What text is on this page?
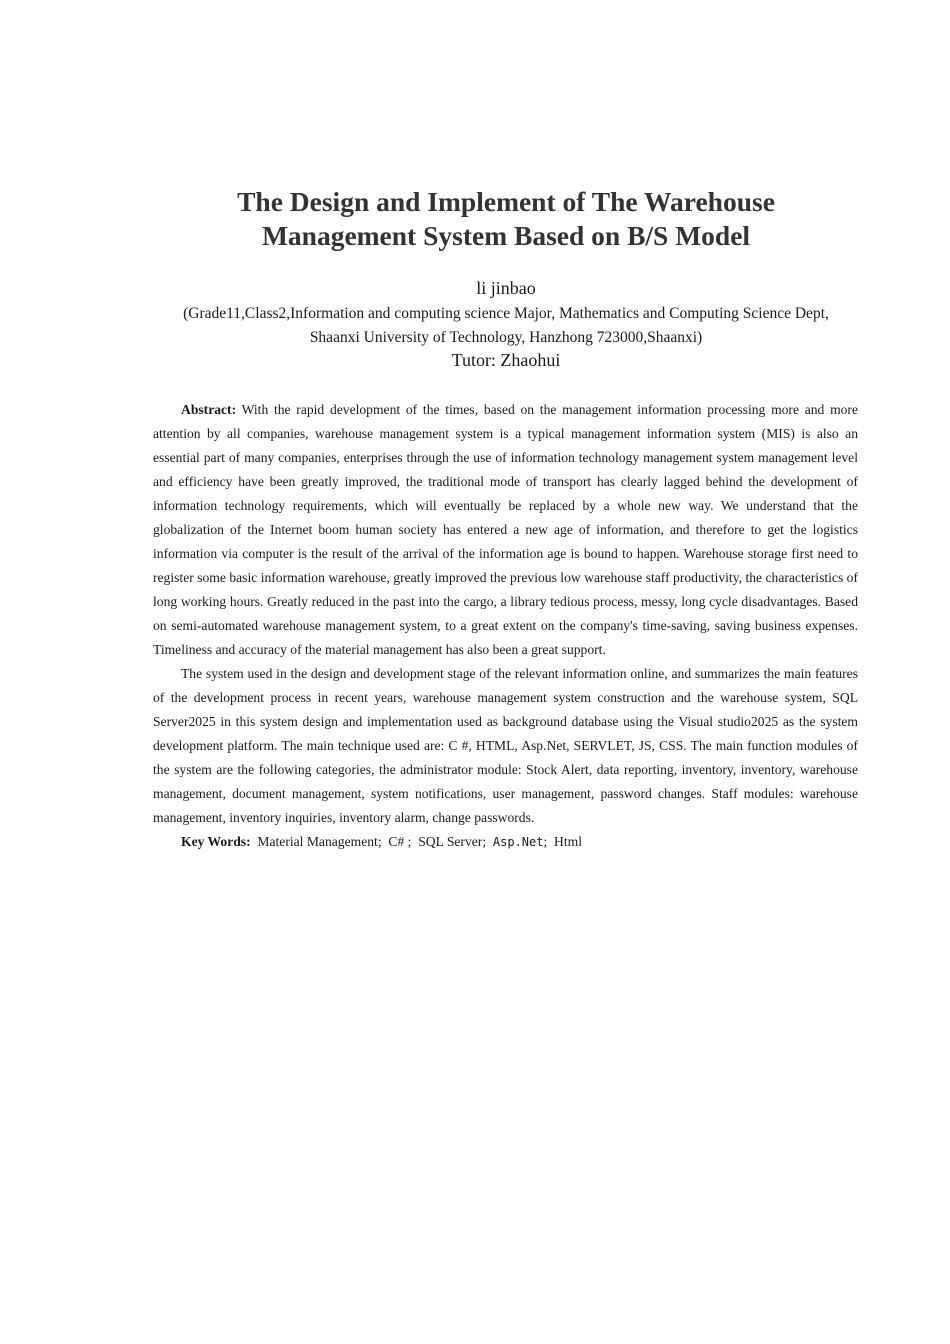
The Design and Implement of The Warehouse
Management System Based on B/S Model
li jinbao
(Grade11,Class2,Information and computing science Major, Mathematics and Computing Science Dept,
Shaanxi University of Technology, Hanzhong 723000,Shaanxi)
Tutor: Zhaohui

Abstract: With the rapid development of the times, based on the management information processing more and more attention by all companies, warehouse management system is a typical management information system (MIS) is also an essential part of many companies, enterprises through the use of information technology management system management level and efficiency have been greatly improved, the traditional mode of transport has clearly lagged behind the development of information technology requirements, which will eventually be replaced by a whole new way. We understand that the globalization of the Internet boom human society has entered a new age of information, and therefore to get the logistics information via computer is the result of the arrival of the information age is bound to happen. Warehouse storage first need to register some basic information warehouse, greatly improved the previous low warehouse staff productivity, the characteristics of long working hours. Greatly reduced in the past into the cargo, a library tedious process, messy, long cycle disadvantages. Based on semi-automated warehouse management system, to a great extent on the company's time-saving, saving business expenses. Timeliness and accuracy of the material management has also been a great support.

The system used in the design and development stage of the relevant information online, and summarizes the main features of the development process in recent years, warehouse management system construction and the warehouse system, SQL Server2025 in this system design and implementation used as background database using the Visual studio2025 as the system development platform. The main technique used are: C #, HTML, Asp.Net, SERVLET, JS, CSS. The main function modules of the system are the following categories, the administrator module: Stock Alert, data reporting, inventory, inventory, warehouse management, document management, system notifications, user management, password changes. Staff modules: warehouse management, inventory inquiries, inventory alarm, change passwords.

Key Words: Material Management; C# ; SQL Server; Asp.Net; Html
